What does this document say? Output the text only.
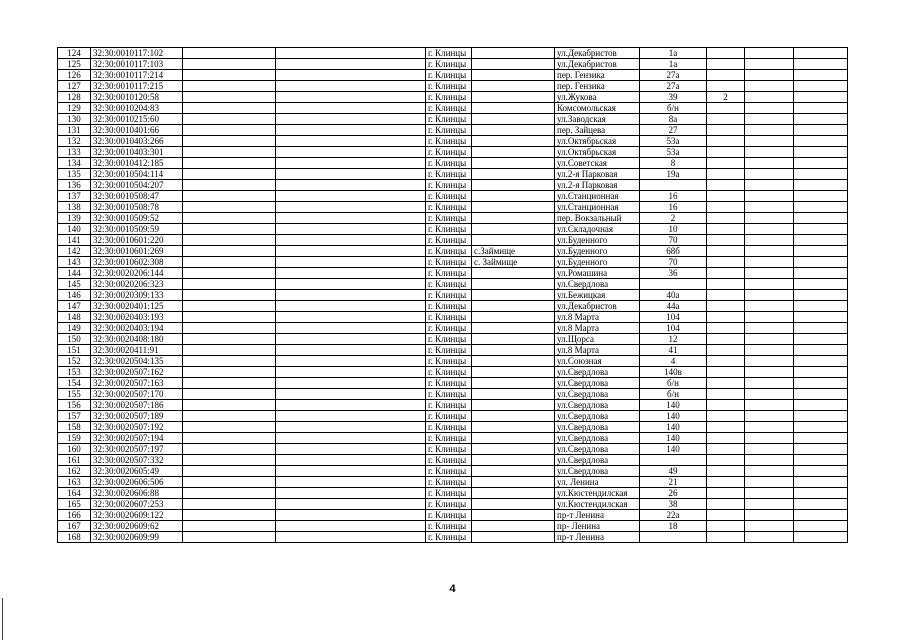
124	32:30:0010117:102			г. Клинцы		ул.Декабристов	1а			
125	32:30:0010117:103			г. Клинцы		ул.Декабристов	1а			
126	32:30:0010117:214			г. Клинцы		пер. Гензика	27а			
127	32:30:0010117:215			г. Клинцы		пер. Гензика	27а			
128	32:30:0010120:58			г. Клинцы		ул.Жукова	39	2		
129	32:30:0010204:83			г. Клинцы		Комсомольская	б/н			
130	32:30:0010215:60			г. Клинцы		ул.Заводская	8а			
131	32:30:0010401:66			г. Клинцы		пер. Зайцева	27			
132	32:30:0010403:266			г. Клинцы		ул.Октябрьская	53а			
133	32:30:0010403:301			г. Клинцы		ул.Октябрьская	53а			
134	32:30:0010412:185			г. Клинцы		ул.Советская	8			
135	32:30:0010504:114			г. Клинцы		ул.2-я Парковая	19а			
136	32:30:0010504:207			г. Клинцы		ул.2-я Парковая				
137	32:30:0010508:47			г. Клинцы		ул.Станционная	16			
138	32:30:0010508:78			г. Клинцы		ул.Станционная	16			
139	32:30:0010509:52			г. Клинцы		пер. Вокзальный	2			
140	32:30:0010509:59			г. Клинцы		ул.Складочная	10			
141	32:30:0010601:220			г. Клинцы		ул.Буденного	70			
142	32:30:0010601:269			г. Клинцы	с.Займище	ул.Буденного	68б			
143	32:30:0010602:308			г. Клинцы	с. Займище	ул.Буденного	70			
144	32:30:0020206:144			г. Клинцы		ул.Ромашина	36			
145	32:30:0020206:323			г. Клинцы		ул.Свердлова				
146	32:30:0020309:133			г. Клинцы		ул.Бежицкая	40а			
147	32:30:0020401:125			г. Клинцы		ул.Декабристов	44а			
148	32:30:0020403:193			г. Клинцы		ул.8 Марта	104			
149	32:30:0020403:194			г. Клинцы		ул.8 Марта	104			
150	32:30:0020408:180			г. Клинцы		ул.Щорса	12			
151	32:30:0020411:91			г. Клинцы		ул.8 Марта	41			
152	32:30:0020504:135			г. Клинцы		ул.Союзная	4			
153	32:30:0020507:162			г. Клинцы		ул.Свердлова	140в			
154	32:30:0020507:163			г. Клинцы		ул.Свердлова	б/н			
155	32:30:0020507:170			г. Клинцы		ул.Свердлова	б/н			
156	32:30:0020507:186			г. Клинцы		ул.Свердлова	140			
157	32:30:0020507:189			г. Клинцы		ул.Свердлова	140			
158	32:30:0020507:192			г. Клинцы		ул.Свердлова	140			
159	32:30:0020507:194			г. Клинцы		ул.Свердлова	140			
160	32:30:0020507:197			г. Клинцы		ул.Свердлова	140			
161	32:30:0020507:332			г. Клинцы		ул.Свердлова				
162	32:30:0020605:49			г. Клинцы		ул.Свердлова	49			
163	32:30:0020606:506			г. Клинцы		ул. Ленина	21			
164	32:30:0020606:88			г. Клинцы		ул.Кюстендилская	26			
165	32:30:0020607:253			г. Клинцы		ул.Кюстендилская	38			
166	32:30:0020609:122			г. Клинцы		пр-т Ленина	22а			
167	32:30:0020609:62			г. Клинцы		пр- Ленина	18			
168	32:30:0020609:99			г. Клинцы		пр-т Ленина				
4
